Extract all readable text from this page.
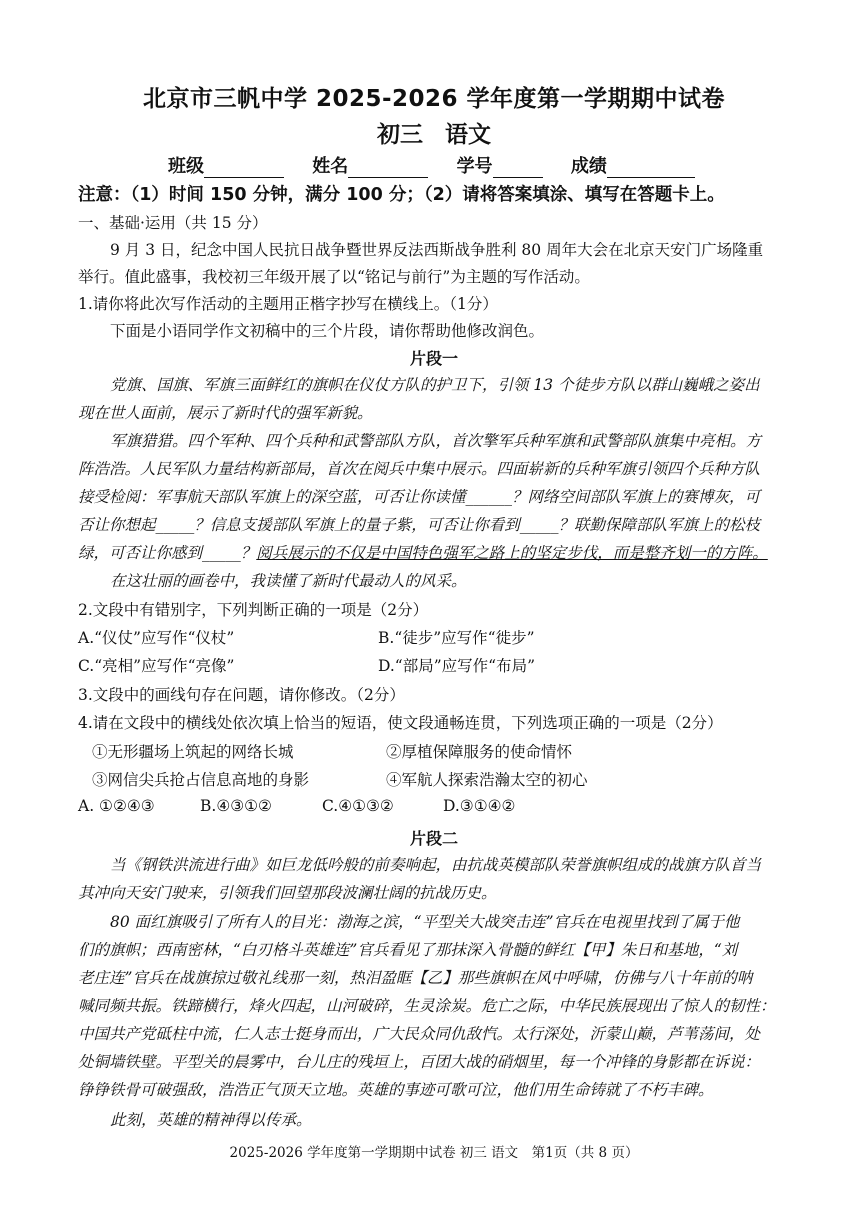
北京市三帆中学 2025-2026 学年度第一学期期中试卷
初三 语文
班级	姓名	学号	成绩
注意：（1）时间 150 分钟，满分 100 分；（2）请将答案填涂、填写在答题卡上。
一、基础·运用（共 15 分）
9 月 3 日，纪念中国人民抗日战争暨世界反法西斯战争胜利 80 周年大会在北京天安门广场隆重
举行。值此盛事，我校初三年级开展了以“铭记与前行”为主题的写作活动。
1.请你将此次写作活动的主题用正楷字抄写在横线上。（1分）
下面是小语同学作文初稿中的三个片段，请你帮助他修改润色。
片段一
党旗、国旗、军旗三面鲜红的旗帜在仪仗方队的护卫下，引领 13 个徒步方队以群山巍峨之姿出
现在世人面前，展示了新时代的强军新貌。
军旗猎猎。四个军种、四个兵种和武警部队方队，首次擎军兵种军旗和武警部队旗集中亮相。方
阵浩浩。人民军队力量结构新部局，首次在阅兵中集中展示。四面崭新的兵种军旗引领四个兵种方队
接受检阅：军事航天部队军旗上的深空蓝，可否让你读懂______？网络空间部队军旗上的赛博灰，可
否让你想起_____？信息支援部队军旗上的量子紫，可否让你看到_____？联勤保障部队军旗上的松枝
绿，可否让你感到_____？阅兵展示的不仅是中国特色强军之路上的坚定步伐，而是整齐划一的方阵。
在这壮丽的画卷中，我读懂了新时代最动人的风采。
2.文段中有错别字，下列判断正确的一项是（2分）
A.“仪仗”应写作“仪杖”	B.“徒步”应写作“徙步”
C.“亮相”应写作“亮像”	D.“部局”应写作“布局”
3.文段中的画线句存在问题，请你修改。（2分）
4.请在文段中的横线处依次填上恰当的短语，使文段通畅连贯，下列选项正确的一项是（2分）
①无形疆场上筑起的网络长城	②厚植保障服务的使命情怀
③网信尖兵抢占信息高地的身影	④军航人探索浩瀚太空的初心
A. ①②④③	B.④③①②	C.④①③②	D.③①④②
片段二
当《钢铁洪流进行曲》如巨龙低吟般的前奏响起，由抗战英模部队荣誉旗帜组成的战旗方队首当
其冲向天安门驶来，引领我们回望那段波澜壮阔的抗战历史。
80 面红旗吸引了所有人的目光：渤海之滨，“平型关大战突击连”官兵在电视里找到了属于他
们的旗帜；西南密林，“白刃格斗英雄连”官兵看见了那抹深入骨髓的鲜红【甲】朱日和基地，“刘
老庄连”官兵在战旗掠过敬礼线那一刻，热泪盈眶【乙】那些旗帜在风中呼啸，仿佛与八十年前的呐
喊同频共振。铁蹄横行，烽火四起，山河破碎，生灵涂炭。危亡之际，中华民族展现出了惊人的韧性：
中国共产党砥柱中流，仁人志士挺身而出，广大民众同仇敌忾。太行深处，沂蒙山巅，芦苇荡间，处
处铜墙铁壁。平型关的晨雾中，台儿庄的残垣上，百团大战的硝烟里，每一个冲锋的身影都在诉说：
铮铮铁骨可破强敌，浩浩正气顶天立地。英雄的事迹可歌可泣，他们用生命铸就了不朽丰碑。
此刻，英雄的精神得以传承。
2025-2026 学年度第一学期期中试卷 初三 语文　第1页（共 8 页）
